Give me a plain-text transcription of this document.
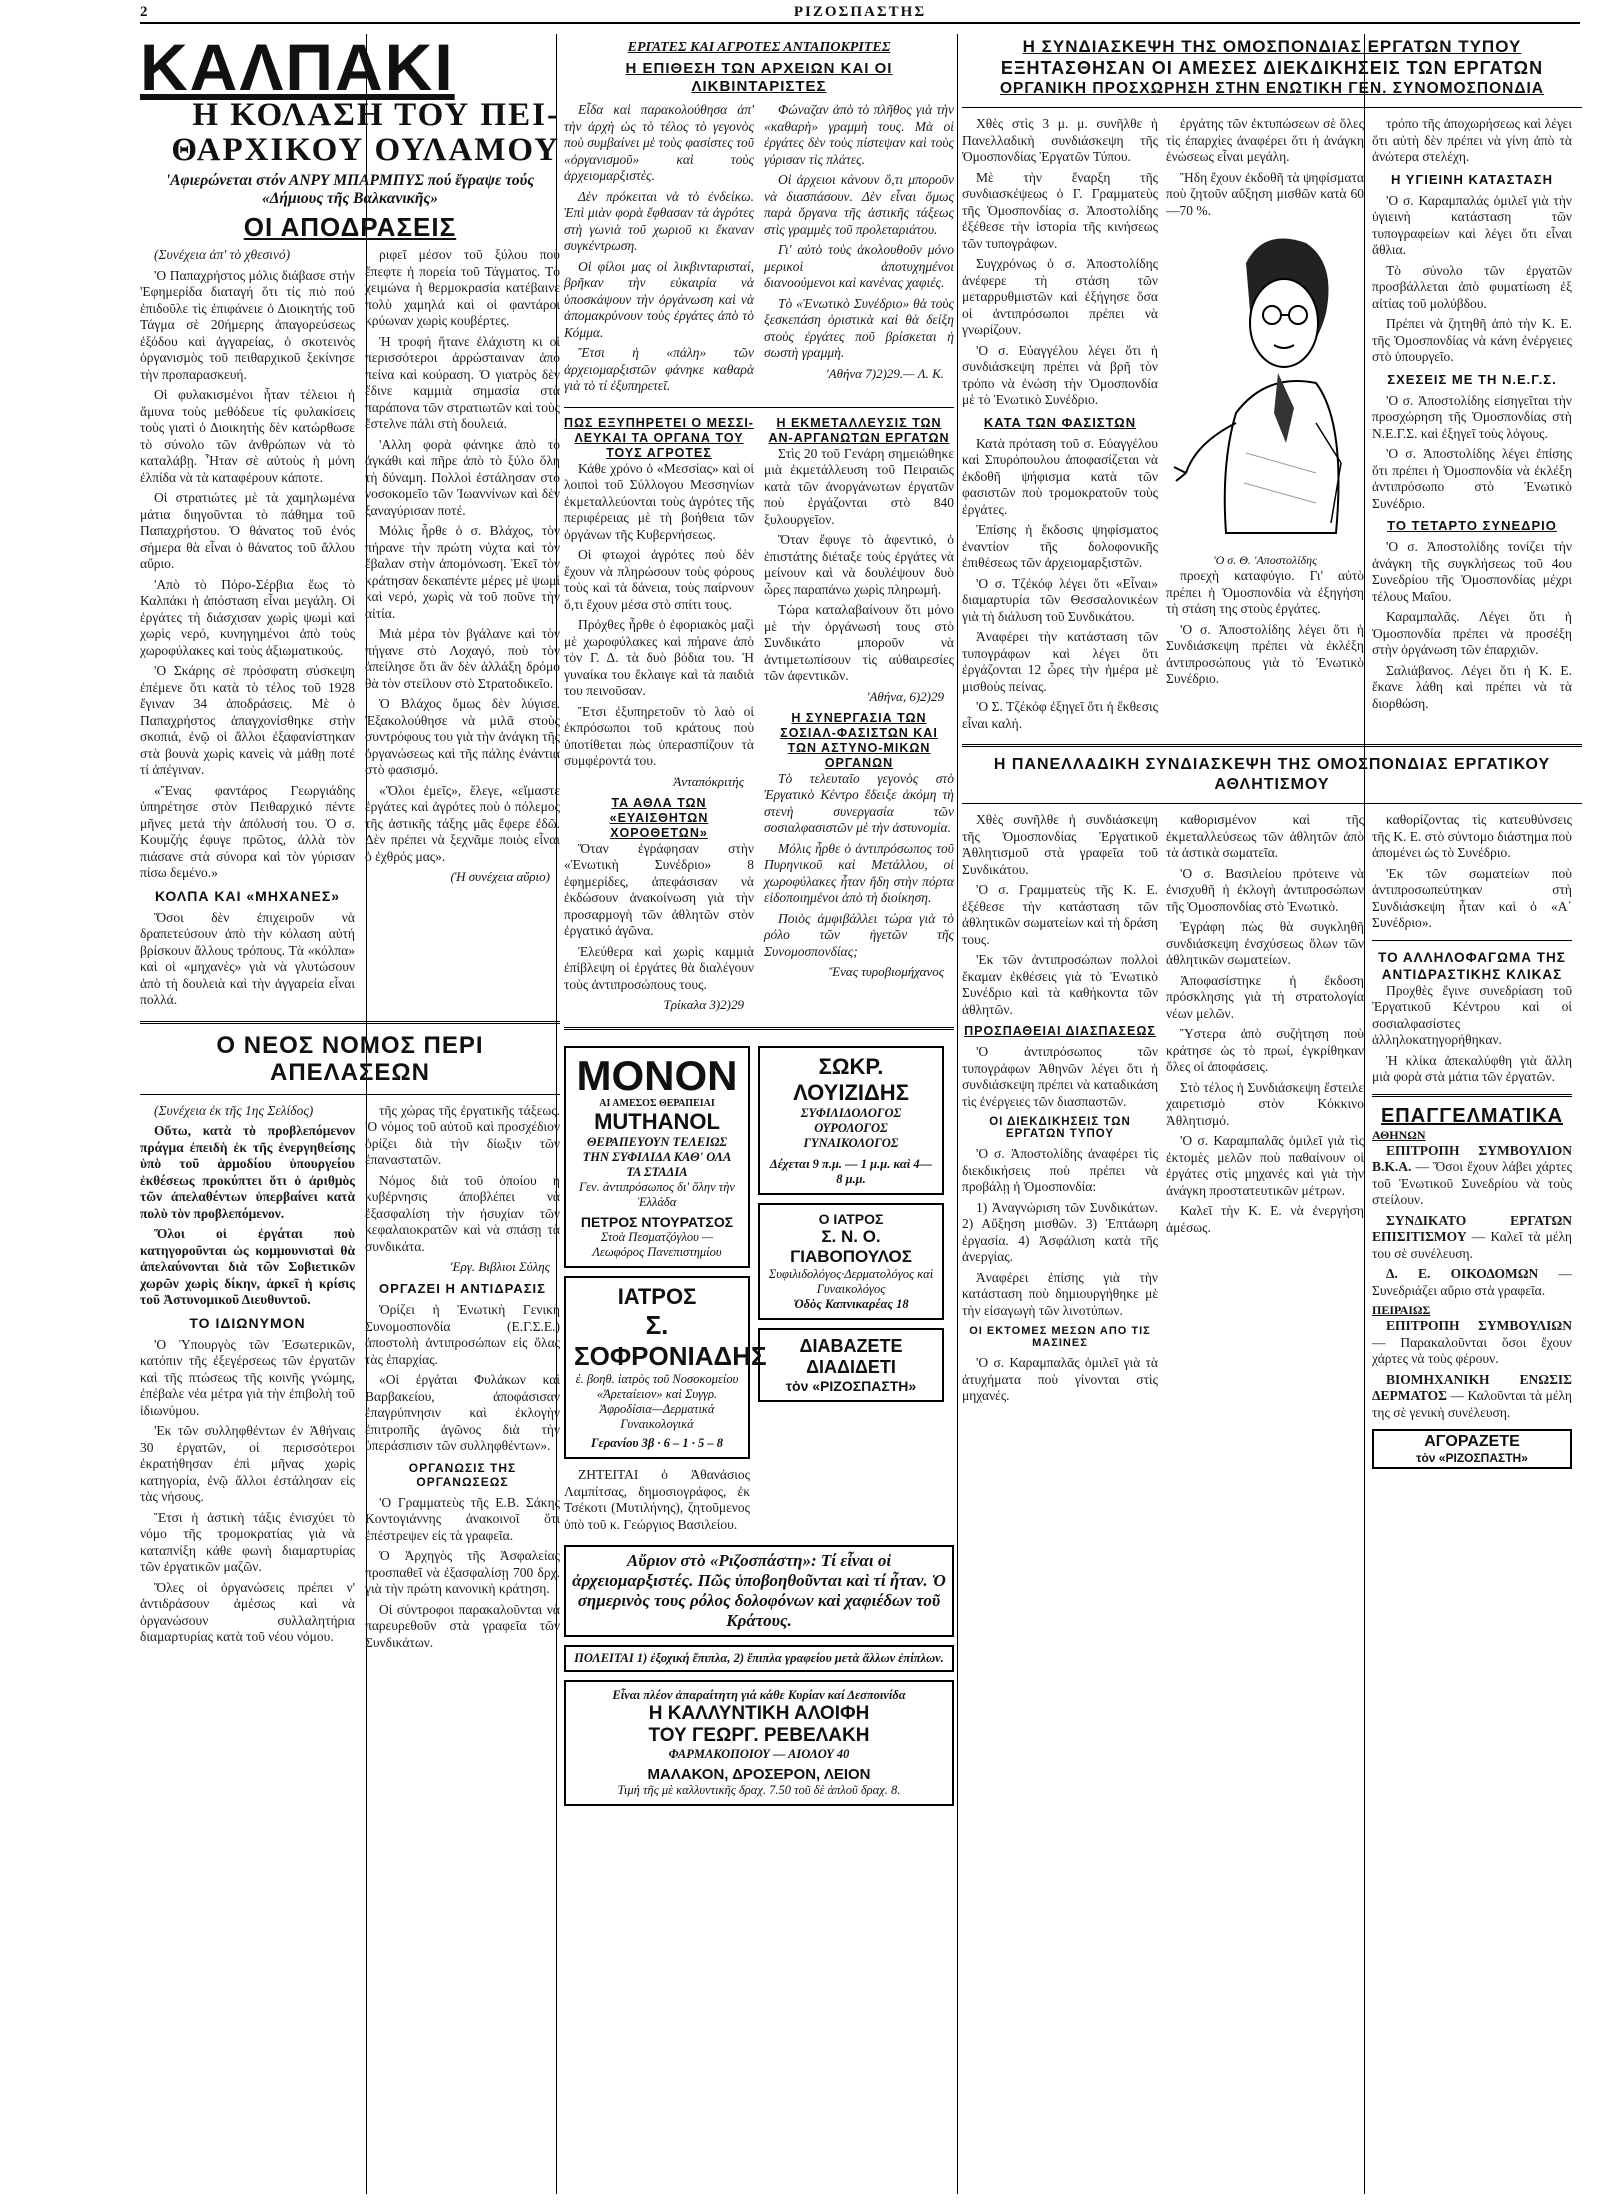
2	ΡΙΖΟΣΠΑΣΤΗΣ
ΚΑΛΠΑΚΙ
Η ΚΟΛΑΣΗ ΤΟΥ ΠΕΙ-
ΘΑΡΧΙΚΟΥ ΟΥΛΑΜΟΥ
'Αφιερώνεται στόν ΑΝΡΥ ΜΠΑΡΜΠΥΣ πού ἔγραψε τούς «Δήμιους τῆς Βαλκανικῆς»
ΟΙ ΑΠΟΔΡΑΣΕΙΣ

(Συνέχεια ἀπ' τὸ χθεσινό)

'Ο Παπαχρήστος μόλις διάβασε στήν 'Εφημερίδα διαταγή ὅτι τίς πιὸ πού ἐπιδοῦλε τὶς ἐπιφάνειε ὁ Διοικητής τοῦ Τάγμα σὲ 20ήμερης ἀπαγορεύσεως ἐξόδου καὶ ἀγγαρείας, ὁ σκοτεινὸς ὀργανισμὸς τοῦ πειθαρχικοῦ ξεκίνησε τὴν προπαρασκευή.

Οἱ φυλακισμένοι ἦταν τέλειοι ἡ ἄμυνα τοὺς μεθόδευε τίς φυλακίσεις τοὺς γιατὶ ὁ Διοικητὴς δὲν κατώρθωσε τὸ σύνολο τῶν ἀνθρώπων νὰ τὸ καταλάβῃ. Ἦταν σὲ αὐτοὺς ἡ μόνη ἐλπίδα νὰ τὰ καταφέρουν κάποτε.

Οἱ στρατιώτες μὲ τὰ χαμηλωμένα μάτια διηγοῦνται τὸ πάθημα τοῦ Παπαχρήστου. Ὁ θάνατος τοῦ ἐνός σήμερα θὰ εἶναι ὁ θάνατος τοῦ ἄλλου αὔριο.

'Απὸ τὸ Πόρο-Σέρβια ἕως τὸ Καλπάκι ἡ ἀπόσταση εἶναι μεγάλη. Οἱ ἐργάτες τὴ διάσχισαν χωρὶς ψωμὶ καὶ χωρὶς νερό, κυνηγημένοι ἀπὸ τοὺς χωροφύλακες καὶ τοὺς ἀξιωματικούς.

'Ο Σκάρης σὲ πρόσφατη σύσκεψη ἐπέμενε ὅτι κατὰ τὸ τέλος τοῦ 1928 ἔγιναν 34 ἀποδράσεις. Μὲ ὁ Παπαχρήστος ἀπαγχονίσθηκε στὴν σκοπιά, ἐνῷ οἱ ἄλλοι ἐξαφανίστηκαν στὰ βουνὰ χωρὶς κανεὶς νὰ μάθῃ ποτέ τί ἀπέγιναν.

«Ἔνας φαντάρος Γεωργιάδης ὑπηρέτησε στὸν Πειθαρχικό πέντε μῆνες μετά τὴν ἀπόλυσή του. Ὁ σ. Κουμζής ἐφυγε πρῶτος, ἀλλὰ τὸν πιάσανε στὰ σύνορα καὶ τὸν γύρισαν πίσω δεμένο.»

ΚΟΛΠΑ ΚΑΙ «ΜΗΧΑΝΕΣ»

Ὅσοι δὲν ἐπιχειροῦν νὰ δραπετεύσουν ἀπὸ τὴν κόλαση αὐτή βρίσκουν ἄλλους τρόπους. Τὰ «κόλπα» καὶ οἱ «μηχανὲς» γιὰ νὰ γλυτώσουν ἀπὸ τὴ δουλειὰ καὶ τὴν ἀγγαρεία εἶναι πολλά.

ριφεῖ μέσον τοῦ ξύλου ποὺ ἔπεφτε ἡ πορεία τοῦ Τάγματος. Τὸ χειμώνα ἡ θερμοκρασία κατέβαινε πολὺ χαμηλά καὶ οἱ φαντάροι κρύωναν χωρὶς κουβέρτες.

Ἡ τροφή ἤτανε ἐλάχιστη κι οἱ περισσότεροι ἀρρώσταιναν ἀπὸ πείνα καὶ κούραση. Ὁ γιατρὸς δὲν ἔδινε καμμιὰ σημασία στὰ παράπονα τῶν στρατιωτῶν καὶ τοὺς ἔστελνε πάλι στὴ δουλειά.

'Αλλη φορὰ φάνηκε ἀπὸ τὸ ἀγκάθι καὶ πῆρε ἀπὸ τὸ ξύλο ὅλη τὴ δύναμη. Πολλοὶ ἐστάλησαν στὸ νοσοκομεῖο τῶν Ἰωαννίνων καὶ δὲν ξαναγύρισαν ποτέ.

Μόλις ἦρθε ὁ σ. Βλάχος, τὸν πήρανε τὴν πρώτη νύχτα καὶ τὸν ἔβαλαν στὴν ἀπομόνωση. Ἐκεῖ τὸν κράτησαν δεκαπέντε μέρες μὲ ψωμὶ καὶ νερό, χωρὶς νὰ τοῦ ποῦνε τὴν αἰτία.

Μιὰ μέρα τὸν βγάλανε καὶ τὸν πήγανε στὸ Λοχαγό, ποὺ τὸν ἀπείλησε ὅτι ἂν δὲν ἀλλάξη δρόμο θὰ τὸν στείλουν στὸ Στρατοδικεῖο.

Ὁ Βλάχος ὅμως δὲν λύγισε. Ἐξακολούθησε νὰ μιλᾶ στοὺς συντρόφους του γιὰ τὴν ἀνάγκη τῆς ὀργανώσεως καὶ τῆς πάλης ἐνάντια στὸ φασισμό.

«Ὅλοι ἐμεῖς», ἔλεγε, «εἴμαστε ἐργάτες καὶ ἀγρότες ποὺ ὁ πόλεμος τῆς ἀστικῆς τάξης μᾶς ἔφερε ἐδῶ. Δὲν πρέπει νὰ ξεχνᾶμε ποιὸς εἶναι ὁ ἐχθρός μας».

(Ἡ συνέχεια αὔριο)

Ο ΝΕΟΣ ΝΟΜΟΣ ΠΕΡΙ ΑΠΕΛΑΣΕΩΝ

(Συνέχεια ἐκ τῆς 1ης Σελίδος)

Οὕτω, κατὰ τὸ προβλεπόμενον πράγμα ἐπειδὴ ἐκ τῆς ἐνεργηθείσης ὑπὸ τοῦ ἁρμοδίου ὑπουργείου ἐκθέσεως προκύπτει ὅτι ὁ ἀριθμὸς τῶν ἀπελαθέντων ὑπερβαίνει κατὰ πολὺ τὸν προβλεπόμενον.

Ὅλοι οἱ ἐργάται ποὺ κατηγοροῦνται ὡς κομμουνισταὶ θὰ ἀπελαύνονται διὰ τῶν Σοβιετικῶν χωρῶν χωρὶς δίκην, ἀρκεῖ ἡ κρίσις τοῦ Ἀστυνομικοῦ Διευθυντοῦ.

ΤΟ ΙΔΙΩΝΥΜΟΝ

'Ο Ὑπουργὸς τῶν Ἐσωτερικῶν, κατόπιν τῆς ἐξεγέρσεως τῶν ἐργατῶν καὶ τῆς πτώσεως τῆς κοινῆς γνώμης, ἐπέβαλε νέα μέτρα γιὰ τὴν ἐπιβολὴ τοῦ ἰδιωνύμου.

'Εκ τῶν συλληφθέντων ἐν Ἀθήναις 30 ἐργατῶν, οἱ περισσότεροι ἐκρατήθησαν ἐπὶ μῆνας χωρὶς κατηγορία, ἐνῷ ἄλλοι ἐστάλησαν εἰς τὰς νήσους.

Ἔτσι ἡ ἀστικὴ τάξις ἐνισχύει τὸ νόμο τῆς τρομοκρατίας γιὰ νὰ καταπνίξη κάθε φωνὴ διαμαρτυρίας τῶν ἐργατικῶν μαζῶν.

Ὅλες οἱ ὀργανώσεις πρέπει ν' ἀντιδράσουν ἀμέσως καὶ νὰ ὀργανώσουν συλλαλητήρια διαμαρτυρίας κατὰ τοῦ νέου νόμου.

τῆς χώρας τῆς ἐργατικῆς τάξεως. 'Ο νόμος τοῦ αὐτοῦ καὶ προσχέδιον ὁρίζει διὰ τὴν δίωξιν τῶν ἐπαναστατῶν.

Νόμος διὰ τοῦ ὁποίου ἡ κυβέρνησις ἀποβλέπει νὰ ἐξασφαλίση τὴν ἡσυχίαν τῶν κεφαλαιοκρατῶν καὶ νὰ σπάσῃ τὰ συνδικάτα.

'Εργ. Βιβλιοι Σύλης

ΟΡΓΑΖΕΙ Η ΑΝΤΙΔΡΑΣΙΣ

Ὁρίζει ἡ Ἐνωτικὴ Γενικὴ Συνομοσπονδία (Ε.Γ.Σ.Ε.) ἀποστολὴ ἀντιπροσώπων εἰς ὅλας τὰς ἐπαρχίας.

«Οἱ ἐργάται Φυλάκων καὶ Βαρβακείου, ἀποφάσισαν ἐπαγρύπνησιν καὶ ἐκλογὴν ἐπιτροπῆς ἀγῶνος διὰ τὴν ὑπεράσπισιν τῶν συλληφθέντων».

ΟΡΓΑΝΩΣΙΣ ΤΗΣ ΟΡΓΑΝΩΣΕΩΣ

'Ο Γραμματεὺς τῆς Ε.Β. Σάκης Κοντογιάννης ἀνακοινοῖ ὅτι ἐπέστρεψεν εἰς τὰ γραφεῖα.

Ὁ Ἀρχηγὸς τῆς Ἀσφαλείας προσπαθεῖ νὰ ἐξασφαλίσῃ 700 δρχ. γιὰ τὴν πρώτη κανονικὴ κράτηση.

Οἱ σύντροφοι παρακαλοῦνται νὰ παρευρεθοῦν στὰ γραφεῖα τῶν Συνδικάτων.

ΕΡΓΑΤΕΣ ΚΑΙ ΑΓΡΟΤΕΣ ΑΝΤΑΠΟΚΡΙΤΕΣ
Η ΕΠΙΘΕΣΗ ΤΩΝ ΑΡΧΕΙΩΝ ΚΑΙ ΟΙ ΛΙΚΒΙΝΤΑΡΙΣΤΕΣ

Εἶδα καὶ παρακολούθησα ἀπ' τὴν ἀρχὴ ὡς τὸ τέλος τὸ γεγονὸς ποὺ συμβαίνει μὲ τοὺς φασίστες τοῦ «ὀργανισμοῦ» καὶ τοὺς ἀρχειομαρξιστὲς.

Δὲν πρόκειται νὰ τὸ ἐνδείκω. Ἐπὶ μιὰν φορὰ ἔφθασαν τὰ ἀγρότες στὴ γωνιὰ τοῦ χωριοῦ κι ἔκαναν συγκέντρωση.

Οἱ φίλοι μας οἱ λικβινταρισταί, βρῆκαν τὴν εὐκαιρία νὰ ὑποσκάψουν τὴν ὀργάνωση καὶ νὰ ἀπομακρύνουν τοὺς ἐργάτες ἀπὸ τὸ Κόμμα.

Ἔτσι ἡ «πάλη» τῶν ἀρχειομαρξιστῶν φάνηκε καθαρὰ γιὰ τὸ τί ἐξυπηρετεῖ.

Φώναζαν ἀπὸ τὸ πλῆθος γιὰ τὴν «καθαρὴ» γραμμὴ τους. Μὰ οἱ ἐργάτες δὲν τοὺς πίστεψαν καὶ τοὺς γύρισαν τὶς πλάτες.

Οἱ ἀρχειοι κάνουν ὅ,τι μποροῦν νὰ διασπάσουν. Δὲν εἶναι ὅμως παρὰ ὄργανα τῆς ἀστικῆς τάξεως στὶς γραμμὲς τοῦ προλεταριάτου.

Γι' αὐτὸ τοὺς ἀκολουθοῦν μόνο μερικοὶ ἀποτυχημένοι διανοούμενοι καὶ κανένας χαφιές.

Τὸ «Ἑνωτικὸ Συνέδριο» θὰ τοὺς ξεσκεπάση ὁριστικὰ καὶ θὰ δείξη στοὺς ἐργάτες ποῦ βρίσκεται ἡ σωστὴ γραμμὴ.

'Αθήνα 7)2)29.— Λ. Κ.

ΠΩΣ ΕΞΥΠΗΡΕΤΕΙ Ο ΜΕΣΣΙ-ΛΕΥΚΑΙ ΤΑ ΟΡΓΑΝΑ ΤΟΥ ΤΟΥΣ ΑΓΡΟΤΕΣ

Κάθε χρόνο ὁ «Μεσσίας» καὶ οἱ λοιποὶ τοῦ Σύλλογου Μεσσηνίων ἐκμεταλλεύονται τοὺς ἀγρότες τῆς περιφέρειας μὲ τὴ βοήθεια τῶν ὀργάνων τῆς Κυβερνήσεως.

Οἱ φτωχοὶ ἀγρότες ποὺ δὲν ἔχουν νὰ πληρώσουν τοὺς φόρους τοὺς καὶ τὰ δάνεια, τοὺς παίρνουν ὅ,τι ἔχουν μέσα στὸ σπίτι τους.

Πρόχθες ἦρθε ὁ ἐφοριακὸς μαζὶ μὲ χωροφύλακες καὶ πήρανε ἀπὸ τὸν Γ. Δ. τὰ δυὸ βόδια του. Ἡ γυναίκα του ἔκλαιγε καὶ τὰ παιδιὰ του πεινοῦσαν.

Ἔτσι ἐξυπηρετοῦν τὸ λαὸ οἱ ἐκπρόσωποι τοῦ κράτους ποὺ ὑποτίθεται πὼς ὑπερασπίζουν τὰ συμφέροντά του.

Ἀνταπόκριτής

ΤΑ ΑΘΛΑ ΤΩΝ «ΕΥΑΙΣΘΗΤΩΝ ΧΟΡΟΘΕΤΩΝ»

Ὅταν ἐγράφησαν στὴν «Ἑνωτικὴ Συνέδριο» 8 ἐφημερίδες, ἀπεφάσισαν νὰ ἐκδώσουν ἀνακοίνωση γιὰ τὴν προσαρμογὴ τῶν ἀθλητῶν στὸν ἐργατικό ἀγῶνα.

Ἐλεύθερα καὶ χωρὶς καμμιὰ ἐπίβλεψη οἱ ἐργάτες θὰ διαλέγουν τοὺς ἀντιπροσώπους τους.

Τρίκαλα 3)2)29

Η ΕΚΜΕΤΑΛΛΕΥΣΙΣ ΤΩΝ ΑΝ-ΑΡΓΑΝΩΤΩΝ ΕΡΓΑΤΩΝ

Στὶς 20 τοῦ Γενάρη σημειώθηκε μιὰ ἐκμετάλλευση τοῦ Πειραιῶς κατὰ τῶν ἀνοργάνωτων ἐργατῶν ποὺ ἐργάζονται στὸ 840 ξυλουργεῖον.

Ὅταν ἔφυγε τὸ ἀφεντικό, ὁ ἐπιστάτης διέταξε τοὺς ἐργάτες νὰ μείνουν καὶ νὰ δουλέψουν δυὸ ὧρες παραπάνω χωρὶς πληρωμή.

Τώρα καταλαβαίνουν ὅτι μόνο μὲ τὴν ὀργάνωσή τους στὸ Συνδικάτο μποροῦν νὰ ἀντιμετωπίσουν τὶς αὐθαιρεσίες τῶν ἀφεντικῶν.

'Αθήνα, 6)2)29

Η ΣΥΝΕΡΓΑΣΙΑ ΤΩΝ ΣΟΣΙΑΛ-ΦΑΣΙΣΤΩΝ ΚΑΙ ΤΩΝ ΑΣΤΥΝΟ-ΜΙΚΩΝ ΟΡΓΑΝΩΝ

Τὸ τελευταῖο γεγονὸς στὸ Ἐργατικὸ Κέντρο ἔδειξε ἀκόμη τὴ στενὴ συνεργασία τῶν σοσιαλφασιστῶν μὲ τὴν ἀστυνομία.

Μόλις ἦρθε ὁ ἀντιπρόσωπος τοῦ Πυρηνικοῦ καὶ Μετάλλου, οἱ χωροφύλακες ἦταν ἤδη στὴν πόρτα εἰδοποιημένοι ἀπὸ τὴ διοίκηση.

Ποιὸς ἀμφιβάλλει τώρα γιὰ τὸ ρόλο τῶν ἡγετῶν τῆς Συνομοσπονδίας;

Ἕνας τυροβιομήχανος

ΜΟΝΟΝ
ΑΙ ΑΜΕΣΟΣ ΘΕΡΑΠΕΙΑΙ
MUTHANOL
ΘΕΡΑΠΕΥΟΥΝ ΤΕΛΕΙΩΣ ΤΗΝ ΣΥΦΙΛΙΔΑ ΚΑΘ' ΟΛΑ ΤΑ ΣΤΑΔΙΑ
Γεν. ἀντιπρόσωπος δι' ὅλην τὴν Ἑλλάδα
ΠΕΤΡΟΣ ΝΤΟΥΡΑΤΣΟΣ
Στοὰ Πεσματζόγλου — Λεωφόρος Πανεπιστημίου
ΙΑΤΡΟΣ
Σ. ΣΟΦΡΟΝΙΑΔΗΣ
ἐ. βοηθ. ἰατρὸς τοῦ Νοσοκομείου «Ἀρεταίειον» καὶ Συγγρ. Ἀφροδίσια—Δερματικά Γυναικολογικά
Γερανίου 3β · 6 – 1 · 5 – 8

ΖΗΤΕΙΤΑΙ ὁ Ἀθανάσιος Λαμπίτσας, δημοσιογράφος, ἐκ Τσέκοτι (Μυτιλήνης), ζητοῦμενος ὑπὸ τοῦ κ. Γεώργιος Βασιλείου.

ΣΩΚΡ. ΛΟΥΙΖΙΔΗΣ
ΣΥΦΙΛΙΔΟΛΟΓΟΣ ΟΥΡΟΛΟΓΟΣ ΓΥΝΑΙΚΟΛΟΓΟΣ
Δέχεται 9 π.μ. — 1 μ.μ. καὶ 4—8 μ.μ.
Ο ΙΑΤΡΟΣ
Σ. Ν. Ο. ΓΙΑΒΟΠΟΥΛΟΣ
Συφιλιδολόγος·Δερματολόγος καὶ Γυναικολόγος
Ὁδὸς Καπνικαρέας 18
ΔΙΑΒΑΖΕΤΕ
ΔΙΑΔΙΔΕΤΙ
τὸν «ΡΙΖΟΣΠΑΣΤΗ»
Αὔριον στὸ «Ριζοσπάστη»: Τί εἶναι οἱ ἀρχειομαρξιστές. Πῶς ὑποβοηθοῦνται καὶ τί ἦταν. Ὁ σημερινὸς τους ρόλος δολοφόνων καὶ χαφιέδων τοῦ Κράτους.
ΠΟΛΕΙΤΑΙ 1) ἐξοχική ἔπιπλα, 2) ἔπιπλα γραφείου μετὰ ἄλλων ἐπίπλων.
Εἶναι πλέον ἀπαραίτητη γιά κάθε Κυρίαν καί Δεσποινίδα
Η ΚΑΛΛΥΝΤΙΚΗ ΑΛΟΙΦΗ
ΤΟΥ ΓΕΩΡΓ. ΡΕΒΕΛΑΚΗ
ΦΑΡΜΑΚΟΠΟΙΟΥ — ΑΙΟΛΟΥ 40
ΜΑΛΑΚΟΝ, ΔΡΟΣΕΡΟΝ, ΛΕΙΟΝ
Τιμή τῆς μὲ καλλυντικῆς δραχ. 7.50 τοῦ δὲ ἁπλοῦ δραχ. 8.
Η ΣΥΝΔΙΑΣΚΕΨΗ ΤΗΣ ΟΜΟΣΠΟΝΔΙΑΣ ΕΡΓΑΤΩΝ ΤΥΠΟΥ
ΕΞΗΤΑΣΘΗΣΑΝ ΟΙ ΑΜΕΣΕΣ ΔΙΕΚΔΙΚΗΣΕΙΣ ΤΩΝ ΕΡΓΑΤΩΝ
ΟΡΓΑΝΙΚΗ ΠΡΟΣΧΩΡΗΣΗ ΣΤΗΝ ΕΝΩΤΙΚΗ ΓΕΝ. ΣΥΝΟΜΟΣΠΟΝΔΙΑ

Χθὲς στὶς 3 μ. μ. συνῆλθε ἡ Πανελλαδικὴ συνδιάσκεψη τῆς Ὁμοσπονδίας Ἐργατῶν Τύπου.

Μὲ τὴν ἔναρξη τῆς συνδιασκέψεως ὁ Γ. Γραμματεὺς τῆς Ὁμοσπονδίας σ. Ἀποστολίδης ἐξέθεσε τὴν ἱστορία τῆς κινήσεως τῶν τυπογράφων.

Συγχρόνως ὁ σ. Ἀποστολίδης ἀνέφερε τὴ στάση τῶν μεταρρυθμιστῶν καὶ ἐξήγησε ὅσα οἱ ἀντιπρόσωποι πρέπει νὰ γνωρίζουν.

'Ο σ. Εὐαγγέλου λέγει ὅτι ἡ συνδιάσκεψη πρέπει νὰ βρῆ τὸν τρόπο νὰ ἐνώση τὴν Ὁμοσπονδία μὲ τὸ Ἑνωτικὸ Συνέδριο.

ΚΑΤΑ ΤΩΝ ΦΑΣΙΣΤΩΝ

Κατὰ πρόταση τοῦ σ. Εὐαγγέλου καὶ Σπυρόπουλου ἀποφασίζεται νὰ ἐκδοθῆ ψήφισμα κατὰ τῶν φασιστῶν ποὺ τρομοκρατοῦν τοὺς ἐργάτες.

Ἐπίσης ἡ ἔκδοσις ψηφίσματος ἐναντίον τῆς δολοφονικῆς ἐπιθέσεως τῶν ἀρχειομαρξιστῶν.

'Ο σ. Τζέκόφ λέγει ὅτι «Εἶναι» διαμαρτυρία τῶν Θεσσαλονικέων γιὰ τὴ διάλυση τοῦ Συνδικάτου.

Ἀναφέρει τὴν κατάσταση τῶν τυπογράφων καὶ λέγει ὅτι ἐργάζονται 12 ὧρες τὴν ἡμέρα μὲ μισθοὺς πείνας.

'Ο Σ. Τζέκόφ ἐξηγεῖ ὅτι ἡ ἔκθεσις εἶναι καλή.

ἐργάτης τῶν ἐκτυπώσεων σὲ ὅλες τὶς ἐπαρχίες ἀναφέρει ὅτι ἡ ἀνάγκη ἑνώσεως εἶναι μεγάλη.

Ἤδη ἔχουν ἐκδοθῆ τὰ ψηφίσματα ποὺ ζητοῦν αὔξηση μισθῶν κατὰ 60—70 %.

'Ο σ. Θ. 'Αποστολίδης

προεχὴ καταφύγιο. Γι' αὐτὸ πρέπει ἡ Ὁμοσπονδία νὰ ἐξηγήση τὴ στάση της στοὺς ἐργάτες.

'Ο σ. Ἀποστολίδης λέγει ὅτι ἡ Συνδιάσκεψη πρέπει νὰ ἐκλέξη ἀντιπροσώπους γιὰ τὸ Ἑνωτικὸ Συνέδριο.

τρόπο τῆς ἀποχωρήσεως καὶ λέγει ὅτι αὐτὴ δὲν πρέπει νὰ γίνη ἀπὸ τὰ ἀνώτερα στελέχη.

Η ΥΓΙΕΙΝΗ ΚΑΤΑΣΤΑΣΗ

'Ο σ. Καραμπαλάς ὁμιλεῖ γιὰ τὴν ὑγιεινὴ κατάσταση τῶν τυπογραφείων καὶ λέγει ὅτι εἶναι ἄθλια.

Τὸ σύνολο τῶν ἐργατῶν προσβάλλεται ἀπὸ φυματίωση ἐξ αἰτίας τοῦ μολύβδου.

Πρέπει νὰ ζητηθῆ ἀπὸ τὴν Κ. Ε. τῆς Ὁμοσπονδίας νὰ κάνη ἐνέργειες στὸ ὑπουργεῖο.

ΣΧΕΣΕΙΣ ΜΕ ΤΗ Ν.Ε.Γ.Σ.

'Ο σ. Ἀποστολίδης εἰσηγεῖται τὴν προσχώρηση τῆς Ὁμοσπονδίας στὴ Ν.Ε.Γ.Σ. καὶ ἐξηγεῖ τοὺς λόγους.

'Ο σ. Ἀποστολίδης λέγει ἐπίσης ὅτι πρέπει ἡ Ὁμοσπονδία νὰ ἐκλέξη ἀντιπρόσωπο στὸ Ἑνωτικὸ Συνέδριο.

ΤΟ ΤΕΤΑΡΤΟ ΣΥΝΕΔΡΙΟ

'Ο σ. Ἀποστολίδης τονίζει τὴν ἀνάγκη τῆς συγκλήσεως τοῦ 4ου Συνεδρίου τῆς Ὁμοσπονδίας μέχρι τέλους Μαΐου.

Καραμπαλᾶς. Λέγει ὅτι ἡ Ὁμοσπονδία πρέπει νὰ προσέξη στὴν ὀργάνωση τῶν ἐπαρχιῶν.

Σαλιάβανος. Λέγει ὅτι ἡ Κ. Ε. ἔκανε λάθη καὶ πρέπει νὰ τὰ διορθώση.

Η ΠΑΝΕΛΛΑΔΙΚΗ ΣΥΝΔΙΑΣΚΕΨΗ ΤΗΣ ΟΜΟΣΠΟΝΔΙΑΣ ΕΡΓΑΤΙΚΟΥ ΑΘΛΗΤΙΣΜΟΥ

Χθὲς συνῆλθε ἡ συνδιάσκεψη τῆς Ὁμοσπονδίας Ἐργατικοῦ Ἀθλητισμοῦ στὰ γραφεῖα τοῦ Συνδικάτου.

'Ο σ. Γραμματεὺς τῆς Κ. Ε. ἐξέθεσε τὴν κατάσταση τῶν ἀθλητικῶν σωματείων καὶ τὴ δράση τους.

'Εκ τῶν ἀντιπροσώπων πολλοὶ ἔκαμαν ἐκθέσεις γιὰ τὸ Ἑνωτικὸ Συνέδριο καὶ τὰ καθήκοντα τῶν ἀθλητῶν.

ΠΡΟΣΠΑΘΕΙΑΙ ΔΙΑΣΠΑΣΕΩΣ

'Ο ἀντιπρόσωπος τῶν τυπογράφων Ἀθηνῶν λέγει ὅτι ἡ συνδιάσκεψη πρέπει νὰ καταδικάση τὶς ἐνέργειες τῶν διασπαστῶν.

ΟΙ ΔΙΕΚΔΙΚΗΣΕΙΣ ΤΩΝ ΕΡΓΑΤΩΝ ΤΥΠΟΥ

'Ο σ. Ἀποστολίδης ἀναφέρει τὶς διεκδικήσεις ποὺ πρέπει νὰ προβάλῃ ἡ Ὁμοσπονδία:

1) Ἀναγνώριση τῶν Συνδικάτων. 2) Αὔξηση μισθῶν. 3) Ἑπτάωρη ἐργασία. 4) Ἀσφάλιση κατὰ τῆς ἀνεργίας.

Ἀναφέρει ἐπίσης γιὰ τὴν κατάσταση ποὺ δημιουργήθηκε μὲ τὴν εἰσαγωγὴ τῶν λινοτύπων.

ΟΙ ΕΚΤΟΜΕΣ ΜΕΣΩΝ ΑΠΟ ΤΙΣ ΜΑΣΙΝΕΣ

'Ο σ. Καραμπαλᾶς ὁμιλεῖ γιὰ τὰ ἀτυχήματα ποὺ γίνονται στὶς μηχανές.

καθορισμένον καὶ τῆς ἐκμεταλλεύσεως τῶν ἀθλητῶν ἀπὸ τὰ ἀστικὰ σωματεῖα.

'Ο σ. Βασιλείου πρότεινε νὰ ἐνισχυθῆ ἡ ἐκλογὴ ἀντιπροσώπων τῆς Ὁμοσπονδίας στὸ Ἑνωτικὸ.

Ἐγράφη πὼς θὰ συγκληθῆ συνδιάσκεψη ἐνσχύσεως ὅλων τῶν ἀθλητικῶν σωματείων.

Ἀποφασίστηκε ἡ ἔκδοση πρόσκλησης γιὰ τὴ στρατολογία νέων μελῶν.

Ὕστερα ἀπὸ συζήτηση ποὺ κράτησε ὡς τὸ πρωί, ἐγκρίθηκαν ὅλες οἱ ἀποφάσεις.

Στὸ τέλος ἡ Συνδιάσκεψη ἔστειλε χαιρετισμὸ στὸν Κόκκινο Ἀθλητισμό.

'Ο σ. Καραμπαλᾶς ὁμιλεῖ γιὰ τὶς ἐκτομὲς μελῶν ποὺ παθαίνουν οἱ ἐργάτες στὶς μηχανές καὶ γιὰ τὴν ἀνάγκη προστατευτικῶν μέτρων.

Καλεῖ τὴν Κ. Ε. νὰ ἐνεργήση ἀμέσως.

καθορίζοντας τὶς κατευθύνσεις τῆς Κ. Ε. στὸ σύντομο διάστημα ποὺ ἀπομένει ὡς τὸ Συνέδριο.

'Εκ τῶν σωματείων ποὺ ἀντιπροσωπεύτηκαν στὴ Συνδιάσκεψη ἦταν καὶ ὁ «Α΄ Συνέδριο».

ΤΟ ΑΛΛΗΛΟΦΑΓΩΜΑ ΤΗΣ ΑΝΤΙΔΡΑΣΤΙΚΗΣ ΚΛΙΚΑΣ

Προχθὲς ἔγινε συνεδρίαση τοῦ Ἐργατικοῦ Κέντρου καὶ οἱ σοσιαλφασίστες ἀλληλοκατηγορήθηκαν.

Ἡ κλίκα ἀπεκαλύφθη γιὰ ἄλλη μιὰ φορὰ στὰ μάτια τῶν ἐργατῶν.

ΕΠΑΓΓΕΛΜΑΤΙΚΑ
ΑΘΗΝΩΝ

ΕΠΙΤΡΟΠΗ ΣΥΜΒΟΥΛΙΟΝ Β.Κ.Α. — Ὅσοι ἔχουν λάβει χάρτες τοῦ Ἑνωτικοῦ Συνεδρίου νὰ τοὺς στείλουν.

ΣΥΝΔΙΚΑΤΟ ΕΡΓΑΤΩΝ ΕΠΙΣΙΤΙΣΜΟΥ — Καλεῖ τὰ μέλη του σὲ συνέλευση.

Δ. Ε. ΟΙΚΟΔΟΜΩΝ — Συνεδριάζει αὔριο στὰ γραφεῖα.

ΠΕΙΡΑΙΩΣ

ΕΠΙΤΡΟΠΗ ΣΥΜΒΟΥΛΙΩΝ — Παρακαλοῦνται ὅσοι ἔχουν χάρτες νὰ τοὺς φέρουν.

ΒΙΟΜΗΧΑΝΙΚΗ ΕΝΩΣΙΣ ΔΕΡΜΑΤΟΣ — Καλοῦνται τὰ μέλη της σὲ γενικὴ συνέλευση.

ΑΓΟΡΑΖΕΤΕ
τὸν «ΡΙΖΟΣΠΑΣΤΗ»
